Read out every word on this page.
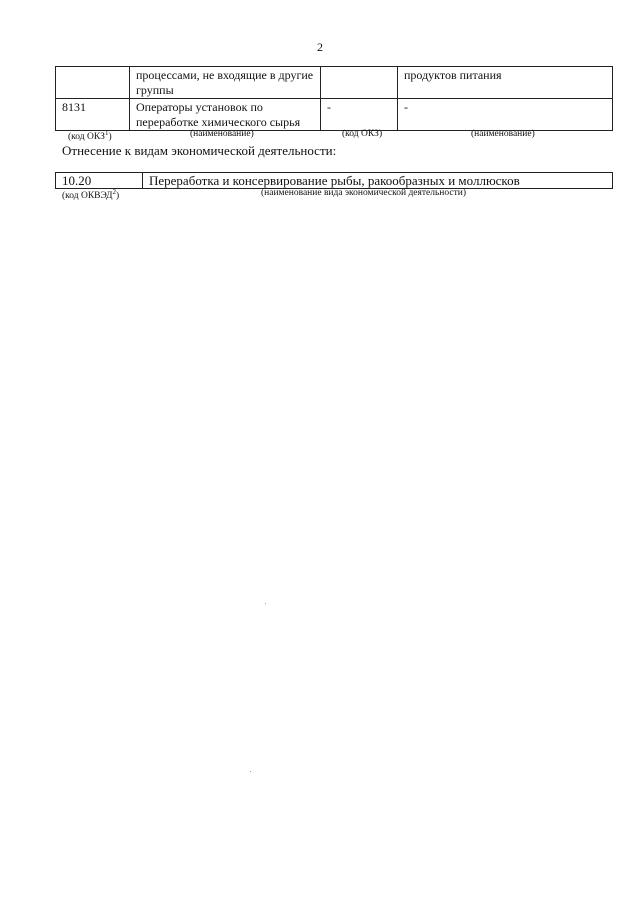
2
	процессами, не входящие в другие группы		продуктов питания
8131	Операторы установок по переработке химического сырья	-	-
(код ОКЗ$^1$)	(наименование)	(код ОКЗ)	(наименование)
Отнесение к видам экономической деятельности:
10.20	Переработка и консервирование рыбы, ракообразных и моллюсков
(код ОКВЭД$^2$)	(наименование вида экономической деятельности)
